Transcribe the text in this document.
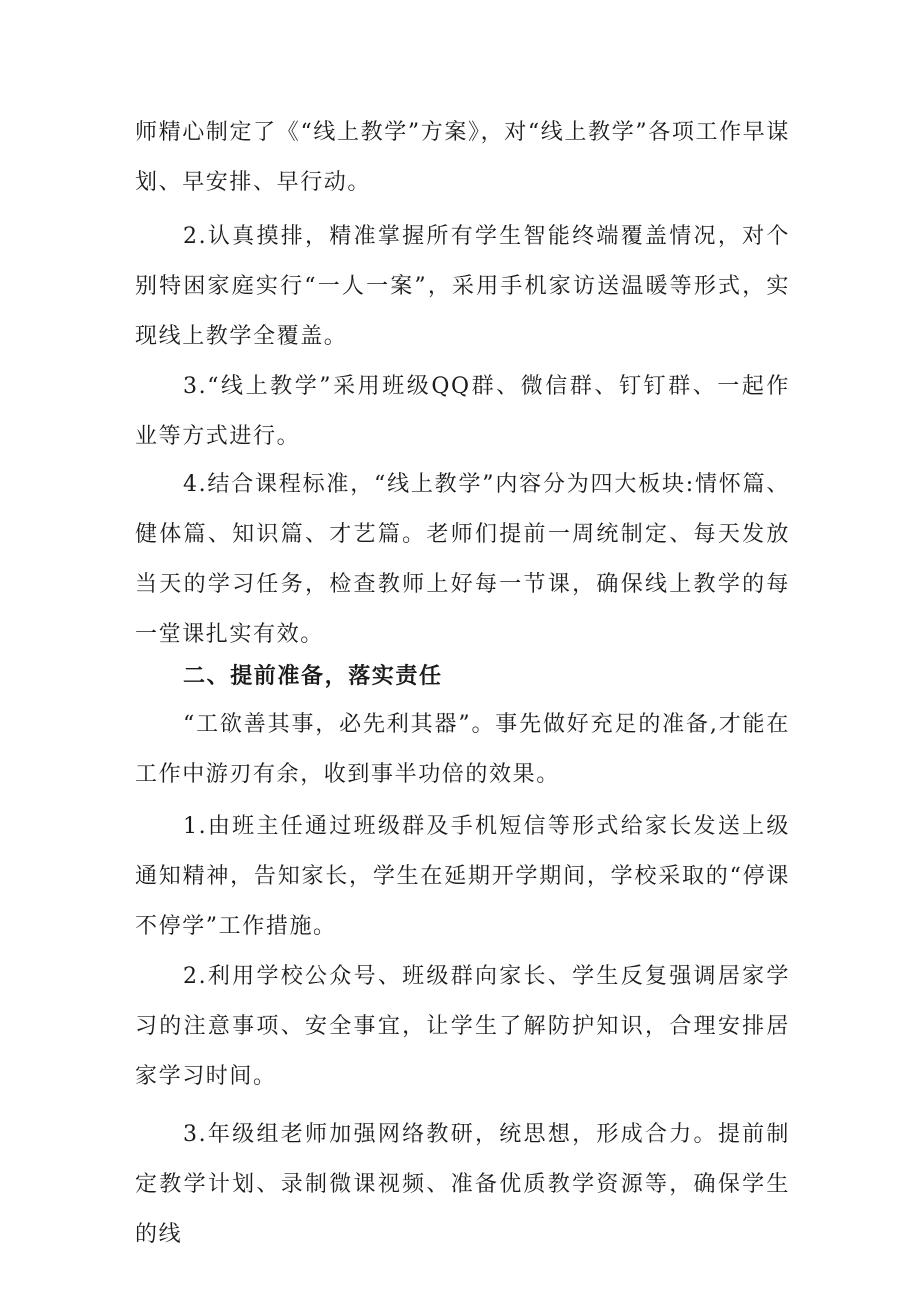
师精心制定了《“线上教学”方案》，对“线上教学”各项工作早谋划、早安排、早行动。

2.认真摸排，精准掌握所有学生智能终端覆盖情况，对个别特困家庭实行“一人一案”，采用手机家访送温暖等形式，实现线上教学全覆盖。

3.“线上教学”采用班级QQ群、微信群、钉钉群、一起作业等方式进行。

4.结合课程标准，“线上教学”内容分为四大板块:情怀篇、健体篇、知识篇、才艺篇。老师们提前一周统制定、每天发放当天的学习任务，检查教师上好每一节课，确保线上教学的每一堂课扎实有效。

二、提前准备，落实责任

“工欲善其事，必先利其器”。事先做好充足的准备,才能在工作中游刃有余，收到事半功倍的效果。

1.由班主任通过班级群及手机短信等形式给家长发送上级通知精神，告知家长，学生在延期开学期间，学校采取的“停课不停学”工作措施。

2.利用学校公众号、班级群向家长、学生反复强调居家学习的注意事项、安全事宜，让学生了解防护知识，合理安排居家学习时间。

3.年级组老师加强网络教研，统思想，形成合力。提前制定教学计划、录制微课视频、准备优质教学资源等，确保学生的线
